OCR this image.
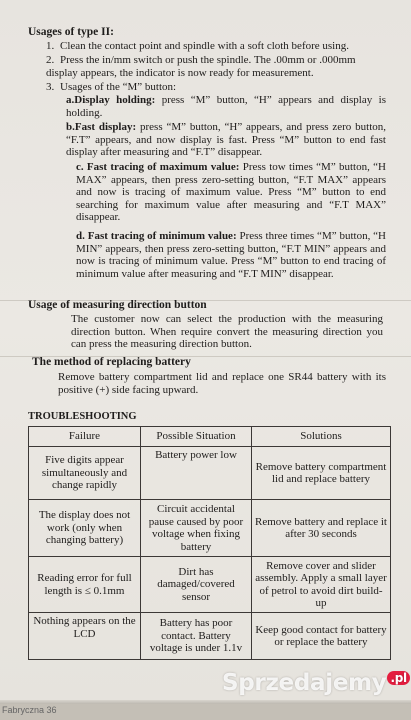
Usages of type II:
1. Clean the contact point and spindle with a soft cloth before using.
2. Press the in/mm switch or push the spindle. The .00mm or .000mm display appears, the indicator is now ready for measurement.
3. Usages of the “M” button:
a.Display holding: press “M” button, “H” appears and display is holding.
b.Fast display: press “M” button, “H” appears, and press zero button, “F.T” appears, and now display is fast. Press “M” button to end fast display after measuring and “F.T” disappear.
c. Fast tracing of maximum value: Press tow times “M” button, “H MAX” appears, then press zero-setting button, “F.T MAX” appears and now is tracing of maximum value. Press “M” button to end searching for maximum value after measuring and “F.T MAX” disappear.
d. Fast tracing of minimum value: Press three times “M” button, “H MIN” appears, then press zero-setting button, “F.T MIN” appears and now is tracing of minimum value. Press “M” button to end tracing of minimum value after measuring and “F.T MIN” disappear.
Usage of measuring direction button
The customer now can select the production with the measuring direction button. When require convert the measuring direction you can press the measuring direction button.
The method of replacing battery
Remove battery compartment lid and replace one SR44 battery with its positive (+) side facing upward.
TROUBLESHOOTING
Failure	Possible Situation	Solutions
Five digits appear simultaneously and change rapidly	Battery power low	Remove battery compartment lid and replace battery
The display does not work (only when changing battery)	Circuit accidental pause caused by poor voltage when fixing battery	Remove battery and replace it after 30 seconds
Reading error for full length is ≤ 0.1mm	Dirt has damaged/covered sensor	Remove cover and slider assembly. Apply a small layer of petrol to avoid dirt build-up
Nothing appears on the LCD	Battery has poor contact. Battery voltage is under 1.1v	Keep good contact for battery or replace the battery
Sprzedajemy .pl
Fabryczna 36
